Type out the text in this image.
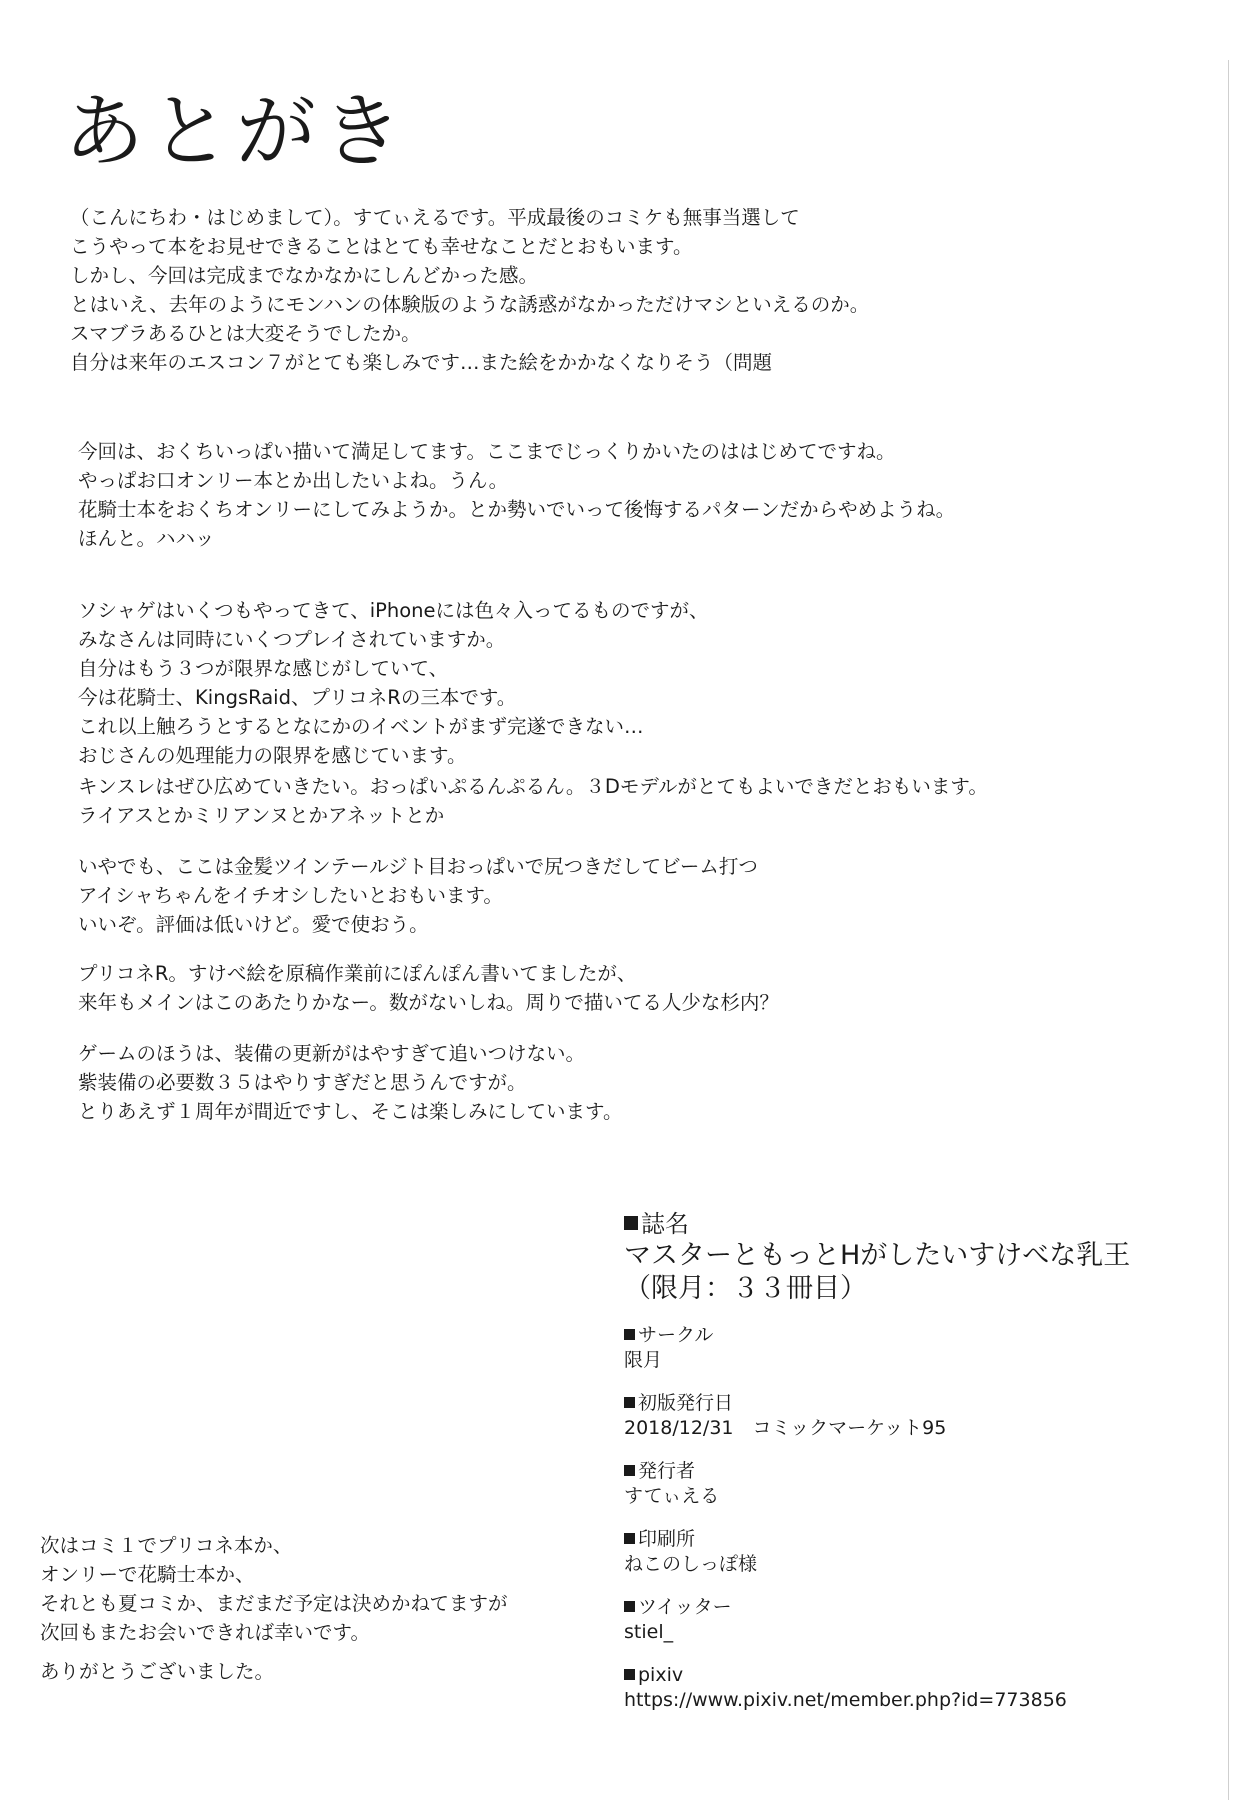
あとがき
（こんにちわ・はじめまして）。すてぃえるです。平成最後のコミケも無事当選して
こうやって本をお見せできることはとても幸せなことだとおもいます。
しかし、今回は完成までなかなかにしんどかった感。
とはいえ、去年のようにモンハンの体験版のような誘惑がなかっただけマシといえるのか。
スマブラあるひとは大変そうでしたか。
自分は来年のエスコン７がとても楽しみです…また絵をかかなくなりそう（問題
今回は、おくちいっぱい描いて満足してます。ここまでじっくりかいたのははじめてですね。
やっぱお口オンリー本とか出したいよね。うん。
花騎士本をおくちオンリーにしてみようか。とか勢いでいって後悔するパターンだからやめようね。
ほんと。ハハッ
ソシャゲはいくつもやってきて、iPhoneには色々入ってるものですが、
みなさんは同時にいくつプレイされていますか。
自分はもう３つが限界な感じがしていて、
今は花騎士、KingsRaid、プリコネRの三本です。
これ以上触ろうとするとなにかのイベントがまず完遂できない…
おじさんの処理能力の限界を感じています。
キンスレはぜひ広めていきたい。おっぱいぷるんぷるん。３Dモデルがとてもよいできだとおもいます。
ライアスとかミリアンヌとかアネットとか
いやでも、ここは金髪ツインテールジト目おっぱいで尻つきだしてビーム打つ
アイシャちゃんをイチオシしたいとおもいます。
いいぞ。評価は低いけど。愛で使おう。
プリコネR。すけべ絵を原稿作業前にぽんぽん書いてましたが、
来年もメインはこのあたりかなー。数がないしね。周りで描いてる人少な杉内？
ゲームのほうは、装備の更新がはやすぎて追いつけない。
紫装備の必要数３５はやりすぎだと思うんですが。
とりあえず１周年が間近ですし、そこは楽しみにしています。
次はコミ１でプリコネ本か、
オンリーで花騎士本か、
それとも夏コミか、まだまだ予定は決めかねてますが
次回もまたお会いできれば幸いです。
ありがとうございました。
誌名
マスターともっとHがしたいすけべな乳王
（限月：３３冊目）
サークル
限月
初版発行日
2018/12/31　コミックマーケット95
発行者
すてぃえる
印刷所
ねこのしっぽ様
ツイッター
stiel_
pixiv
https://www.pixiv.net/member.php?id=773856
